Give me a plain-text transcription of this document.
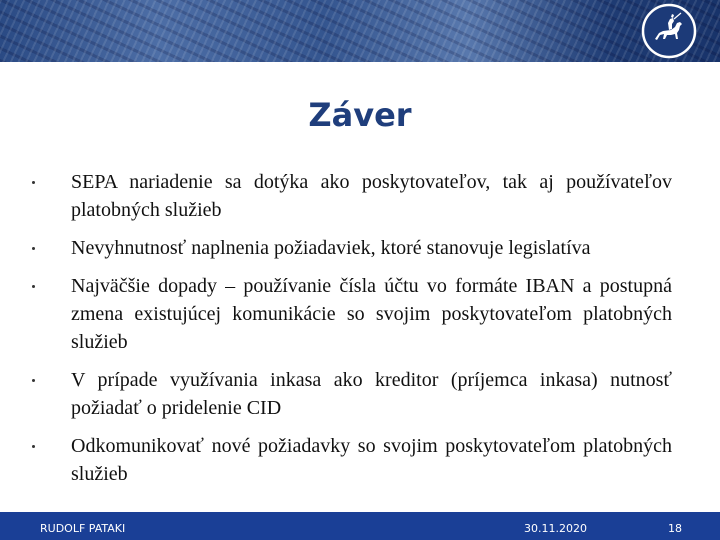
Záver
SEPA nariadenie sa dotýka ako poskytovateľov, tak aj používateľov platobných služieb
Nevyhnutnosť naplnenia požiadaviek, ktoré stanovuje legislatíva
Najväčšie dopady – používanie čísla účtu vo formáte IBAN a postupná zmena existujúcej komunikácie so svojim poskytovateľom platobných služieb
V prípade využívania inkasa ako kreditor (príjemca inkasa) nutnosť požiadať o pridelenie CID
Odkomunikovať nové požiadavky so svojim poskytovateľom platobných služieb
RUDOLF PATAKI	30.11.2020	18
